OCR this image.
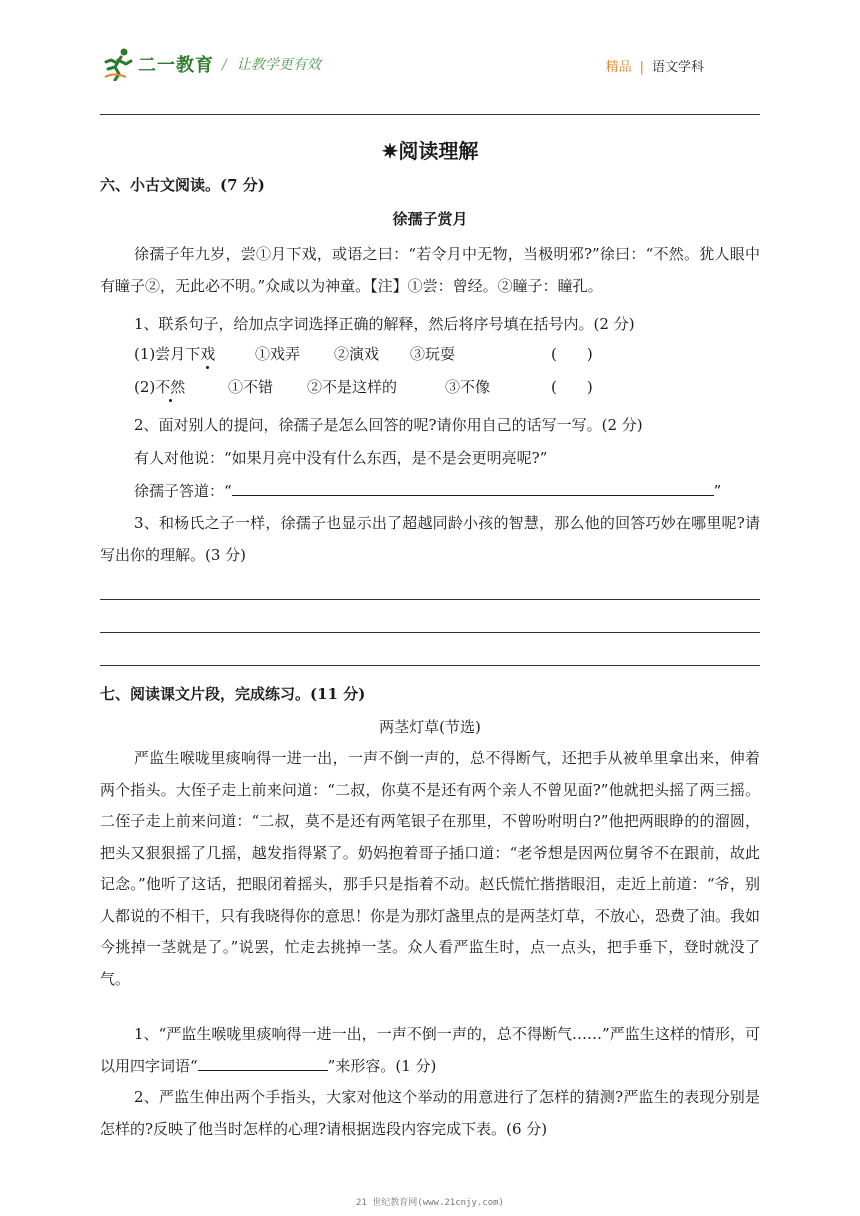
二一教育 / 让教学更有效	精品 | 语文学科
✷阅读理解
六、小古文阅读。(7 分)
徐孺子赏月
徐孺子年九岁，尝①月下戏，或语之曰：“若令月中无物，当极明邪?”徐曰：“不然。犹人眼中有瞳子②，无此必不明。”众咸以为神童。【注】①尝：曾经。②瞳子：瞳孔。
1、联系句子，给加点字词选择正确的解释，然后将序号填在括号内。(2 分)
(1)尝月下戏	①戏弄 ②演戏 ③玩耍	(　　)
(2)不然	①不错 ②不是这样的	③不像	(　　)
2、面对别人的提问，徐孺子是怎么回答的呢?请你用自己的话写一写。(2 分)
有人对他说：“如果月亮中没有什么东西，是不是会更明亮呢?”
徐孺子答道：“	”
3、和杨氏之子一样，徐孺子也显示出了超越同龄小孩的智慧，那么他的回答巧妙在哪里呢?请写出你的理解。(3 分)
七、阅读课文片段，完成练习。(11 分)
两茎灯草(节选)
严监生喉咙里痰响得一进一出，一声不倒一声的，总不得断气，还把手从被单里拿出来，伸着两个指头。大侄子走上前来问道：“二叔，你莫不是还有两个亲人不曾见面?”他就把头摇了两三摇。二侄子走上前来问道：“二叔，莫不是还有两笔银子在那里，不曾吩咐明白?”他把两眼睁的的溜圆，把头又狠狠摇了几摇，越发指得紧了。奶妈抱着哥子插口道：“老爷想是因两位舅爷不在跟前，故此记念。”他听了这话，把眼闭着摇头，那手只是指着不动。赵氏慌忙揩揩眼泪，走近上前道：“爷，别人都说的不相干，只有我晓得你的意思！你是为那灯盏里点的是两茎灯草，不放心，恐费了油。我如今挑掉一茎就是了。”说罢，忙走去挑掉一茎。众人看严监生时，点一点头，把手垂下，登时就没了气。
1、“严监生喉咙里痰响得一进一出，一声不倒一声的，总不得断气……”严监生这样的情形，可以用四字词语“	”来形容。(1 分)
2、严监生伸出两个手指头，大家对他这个举动的用意进行了怎样的猜测?严监生的表现分别是怎样的?反映了他当时怎样的心理?请根据选段内容完成下表。(6 分)
21 世纪教育网(www.21cnjy.com)
